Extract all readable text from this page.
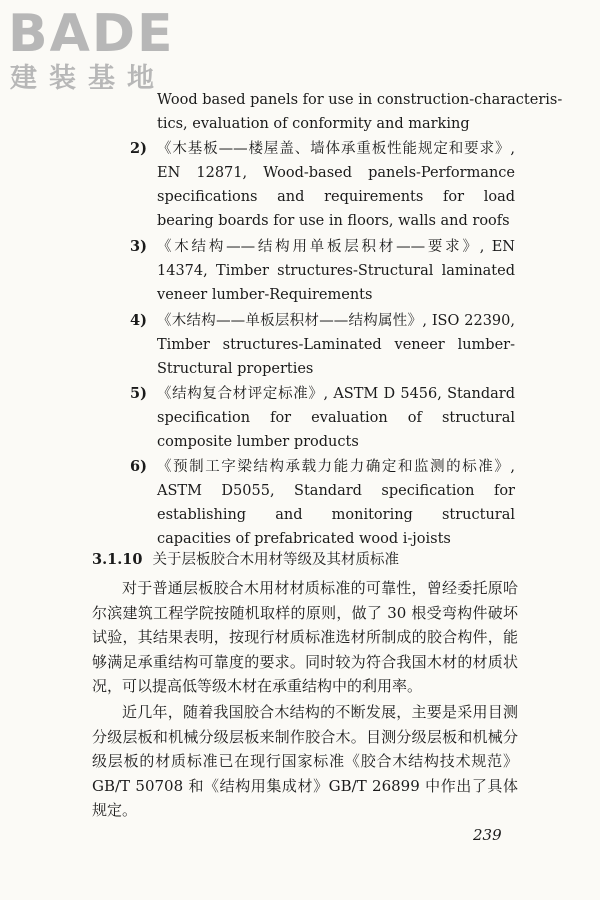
BADE
建装基地
Wood based panels for use in construction-characteris-
tics, evaluation of conformity and marking
2) 《木基板——楼屋盖、墙体承重板性能规定和要求》, EN 12871, Wood-based panels-Performance specifications and requirements for load bearing boards for use in floors, walls and roofs
3) 《木结构——结构用单板层积材——要求》, EN 14374, Timber structures-Structural laminated veneer lumber-Requirements
4) 《木结构——单板层积材——结构属性》, ISO 22390, Timber structures-Laminated veneer lumber-Structural properties
5) 《结构复合材评定标准》, ASTM D 5456, Standard specification for evaluation of structural composite lumber products
6) 《预制工字梁结构承载力能力确定和监测的标准》, ASTM D5055, Standard specification for establishing and monitoring structural capacities of prefabricated wood i-joists
3.1.10 关于层板胶合木用材等级及其材质标准
对于普通层板胶合木用材材质标准的可靠性，曾经委托原哈尔滨建筑工程学院按随机取样的原则，做了 30 根受弯构件破坏试验，其结果表明，按现行材质标准选材所制成的胶合构件，能够满足承重结构可靠度的要求。同时较为符合我国木材的材质状况，可以提高低等级木材在承重结构中的利用率。
近几年，随着我国胶合木结构的不断发展，主要是采用目测分级层板和机械分级层板来制作胶合木。目测分级层板和机械分级层板的材质标准已在现行国家标准《胶合木结构技术规范》GB/T 50708 和《结构用集成材》GB/T 26899 中作出了具体规定。
239
